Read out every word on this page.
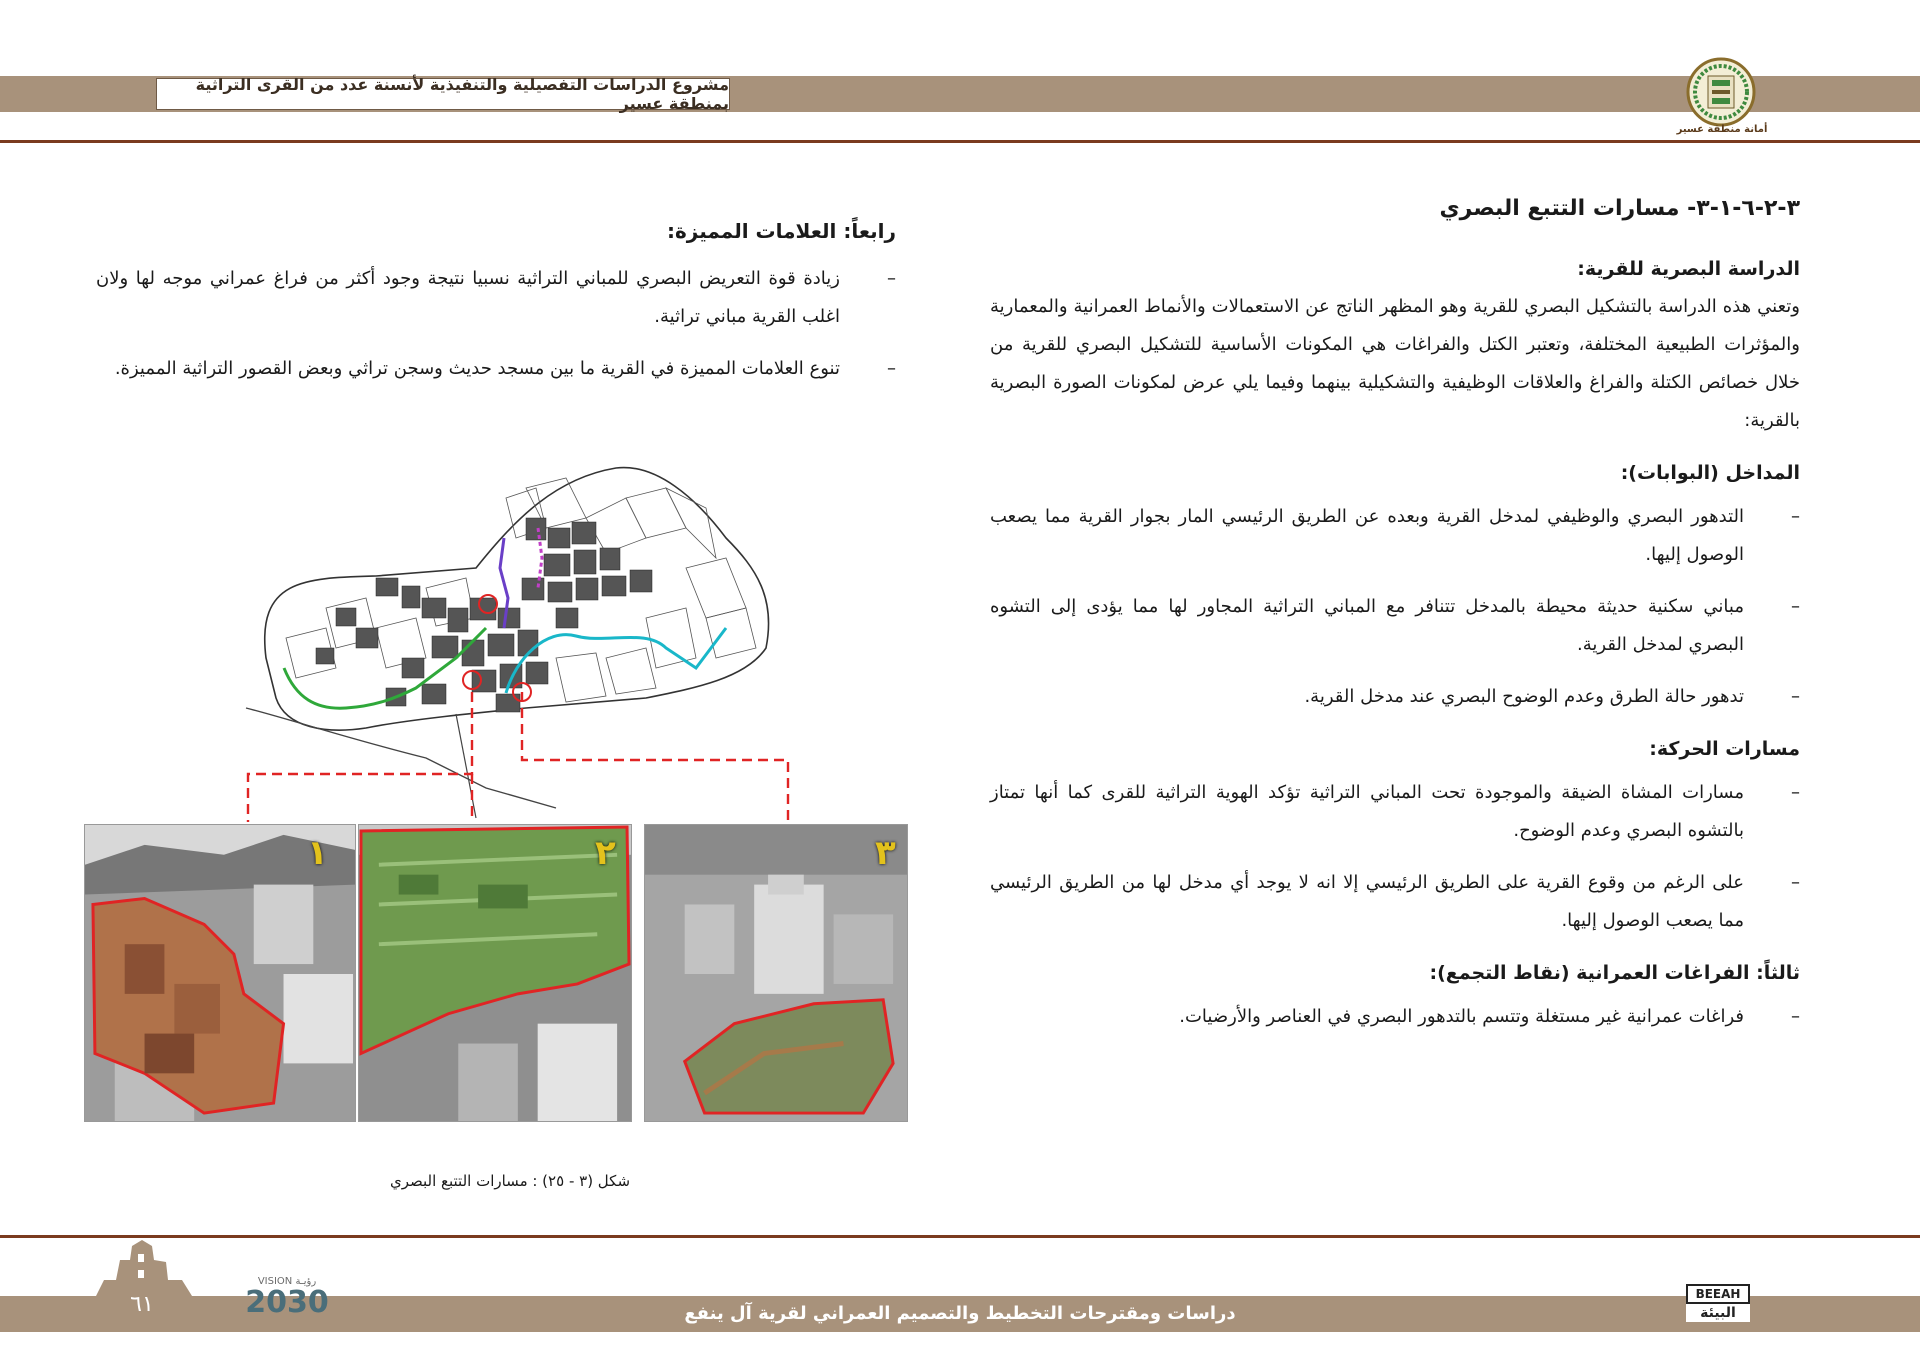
مشروع الدراسات التفصيلية والتنفيذية لأنسنة عدد من القرى التراثية بمنطقة عسير
أمانة منطقة عسير
٣-٢-٦-١-٣- مسارات التتبع البصري
الدراسة البصرية للقرية:

وتعني هذه الدراسة بالتشكيل البصري للقرية وهو المظهر الناتج عن الاستعمالات والأنماط العمرانية والمعمارية والمؤثرات الطبيعية المختلفة، وتعتبر الكتل والفراغات هي المكونات الأساسية للتشكيل البصري للقرية من خلال خصائص الكتلة والفراغ والعلاقات الوظيفية والتشكيلية بينهما وفيما يلي عرض لمكونات الصورة البصرية بالقرية:

المداخل (البوابات):
– التدهور البصري والوظيفي لمدخل القرية وبعده عن الطريق الرئيسي المار بجوار القرية مما يصعب الوصول إليها.
– مباني سكنية حديثة محيطة بالمدخل تتنافر مع المباني التراثية المجاور لها مما يؤدى إلى التشوه البصري لمدخل القرية.
– تدهور حالة الطرق وعدم الوضوح البصري عند مدخل القرية.
مسارات الحركة:
– مسارات المشاة الضيقة والموجودة تحت المباني التراثية تؤكد الهوية التراثية للقرى كما أنها تمتاز بالتشوه البصري وعدم الوضوح.
– على الرغم من وقوع القرية على الطريق الرئيسي إلا انه لا يوجد أي مدخل لها من الطريق الرئيسي مما يصعب الوصول إليها.
ثالثاً: الفراغات العمرانية (نقاط التجمع):
– فراغات عمرانية غير مستغلة وتتسم بالتدهور البصري في العناصر والأرضيات.
رابعاً: العلامات المميزة:
– زيادة قوة التعريض البصري للمباني التراثية نسبيا نتيجة وجود أكثر من فراغ عمراني موجه لها ولان اغلب القرية مباني تراثية.
– تنوع العلامات المميزة في القرية ما بين مسجد حديث وسجن تراثي وبعض القصور التراثية المميزة.
١	٢	٣
شكل (٣ - ٢٥) : مسارات التتبع البصري
٦١
VISION رؤيـة
2030	دراسات ومقترحات التخطيط والتصميم العمراني لقرية آل ينفع
BEEAH
البيئة
